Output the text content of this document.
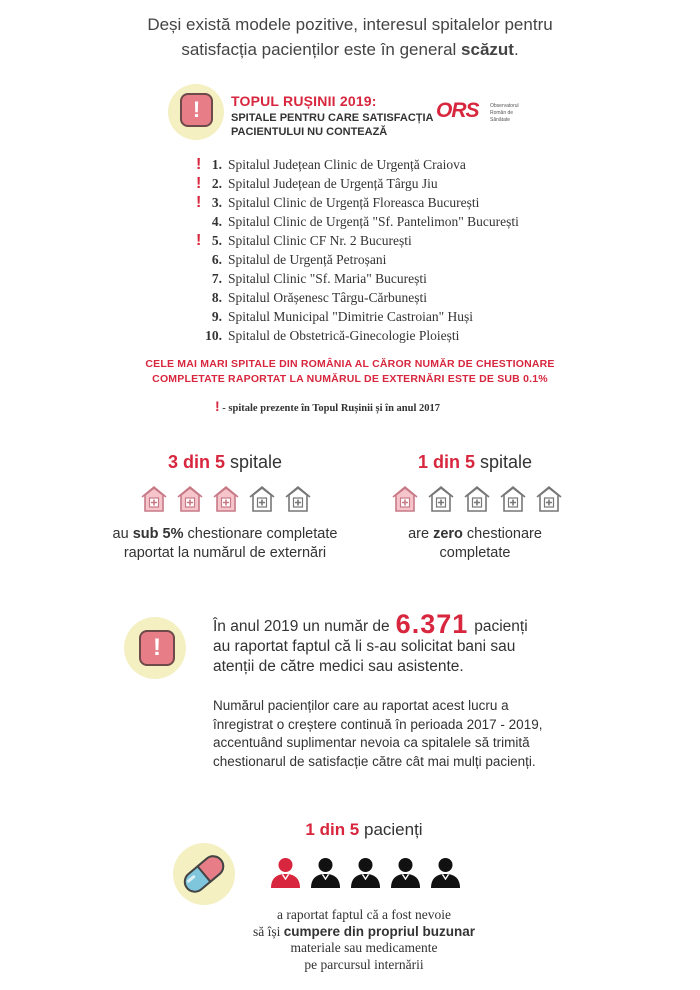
Deși există modele pozitive, interesul spitalelor pentru
satisfacția pacienților este în general scăzut.
!	TOPUL RUȘINII 2019:
SPITALE PENTRU CARE SATISFACȚIA
PACIENTULUI NU CONTEAZĂ
ORS	Observatorul
Român de
Sănătate
! 1. Spitalul Județean Clinic de Urgență Craiova
! 2. Spitalul Județean de Urgență Târgu Jiu
! 3. Spitalul Clinic de Urgență Floreasca București
4. Spitalul Clinic de Urgență "Sf. Pantelimon" București
! 5. Spitalul Clinic CF Nr. 2 București
6. Spitalul de Urgență Petroșani
7. Spitalul Clinic "Sf. Maria" București
8. Spitalul Orășenesc Târgu-Cărbunești
9. Spitalul Municipal "Dimitrie Castroian" Huși
10. Spitalul de Obstetrică-Ginecologie Ploiești
CELE MAI MARI SPITALE DIN ROMÂNIA AL CĂROR NUMĂR DE CHESTIONARE
COMPLETATE RAPORTAT LA NUMĂRUL DE EXTERNĂRI ESTE DE SUB 0.1%
! - spitale prezente în Topul Rușinii și în anul 2017
3 din 5 spitale
au sub 5% chestionare completate
raportat la numărul de externări
1 din 5 spitale
are zero chestionare
completate
!
În anul 2019 un număr de 6.371 pacienți
au raportat faptul că li s-au solicitat bani sau
atenții de către medici sau asistente.
Numărul pacienților care au raportat acest lucru a
înregistrat o creștere continuă în perioada 2017 - 2019,
accentuând suplimentar nevoia ca spitalele să trimită
chestionarul de satisfacție către cât mai mulți pacienți.
1 din 5 pacienți
a raportat faptul că a fost nevoie
să își cumpere din propriul buzunar
materiale sau medicamente
pe parcursul internării
